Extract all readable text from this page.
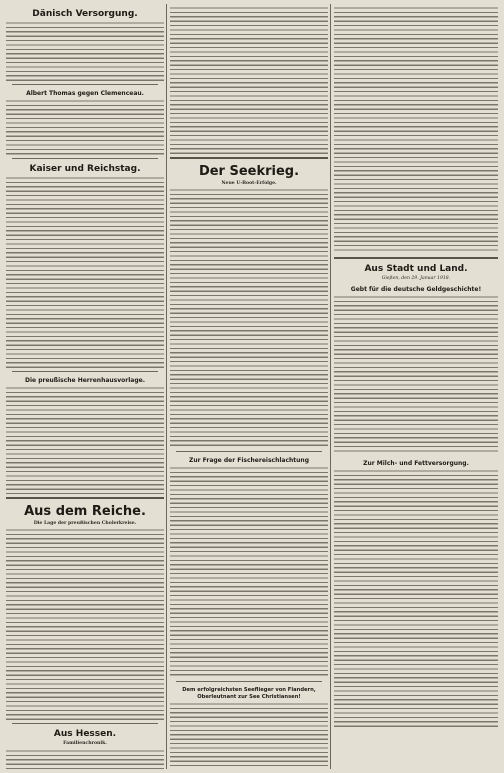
Dänisch Versorgung.
Albert Thomas gegen Clemenceau.
Kaiser und Reichstag.
Die preußische Herrenhausvorlage.
Aus dem Reiche.
Die Lage der preußischen Cholerkreise.
Aus Hessen.
Familienchronik.
Der Seekrieg.
Neue U-Boot-Erfolge.
Zur Frage der Fischereischlachtung
Dem erfolgreichsten Seeflieger von Flandern, Oberleutnant zur See Christiansen!
Aus Stadt und Land.
Gießen, den 29. Januar 1918.
Gebt für die deutsche Geldgeschichte!
Zur Milch- und Fettversorgung.
